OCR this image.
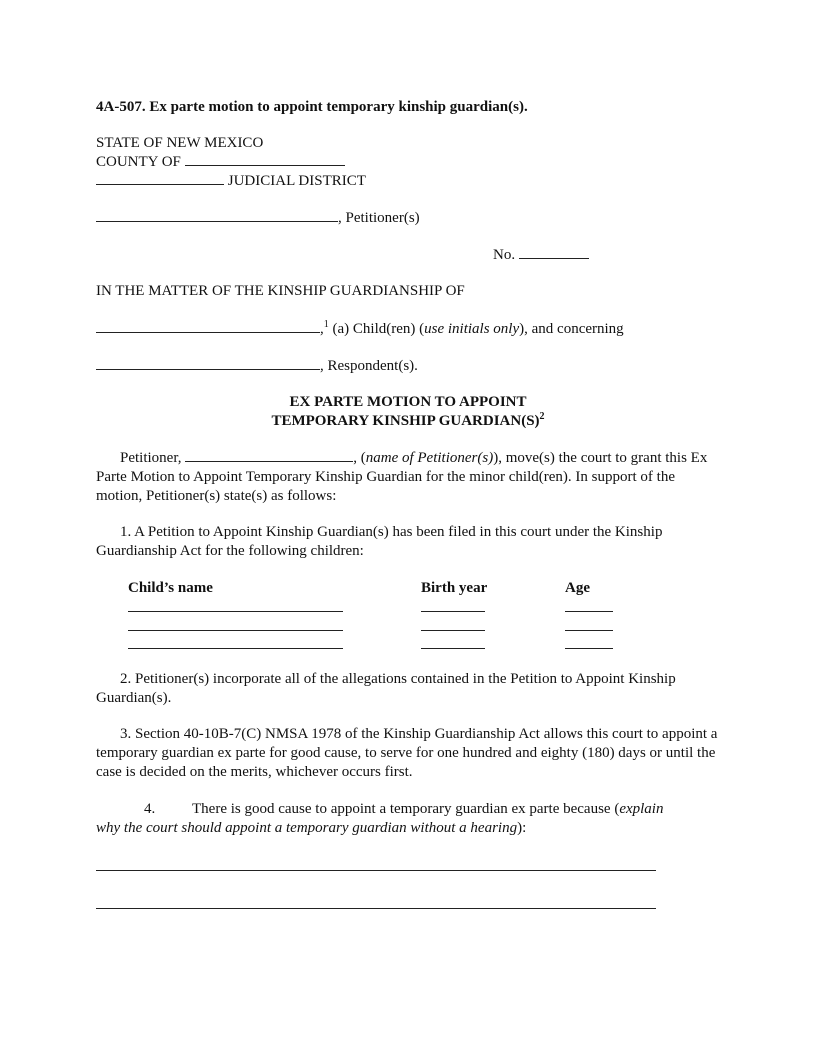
4A-507. Ex parte motion to appoint temporary kinship guardian(s).
STATE OF NEW MEXICO
COUNTY OF
JUDICIAL DISTRICT
, Petitioner(s)
No.
IN THE MATTER OF THE KINSHIP GUARDIANSHIP OF
,$^1$ (a) Child(ren) (use initials only), and concerning
, Respondent(s).
EX PARTE MOTION TO APPOINT
TEMPORARY KINSHIP $GUARDIAN(S)^2$
Petitioner,	, (name of Petitioner(s)), move(s) the court to grant this Ex Parte Motion to Appoint Temporary Kinship Guardian for the minor child(ren). In support of the motion, Petitioner(s) state(s) as follows:
1. A Petition to Appoint Kinship Guardian(s) has been filed in this court under the Kinship Guardianship Act for the following children:
Child’s name	Birth year	Age
2. Petitioner(s) incorporate all of the allegations contained in the Petition to Appoint Kinship Guardian(s).
3. Section 40-10B-7(C) NMSA 1978 of the Kinship Guardianship Act allows this court to appoint a temporary guardian ex parte for good cause, to serve for one hundred and eighty (180) days or until the case is decided on the merits, whichever occurs first.
4. There is good cause to appoint a temporary guardian ex parte because (explain
why the court should appoint a temporary guardian without a hearing):
